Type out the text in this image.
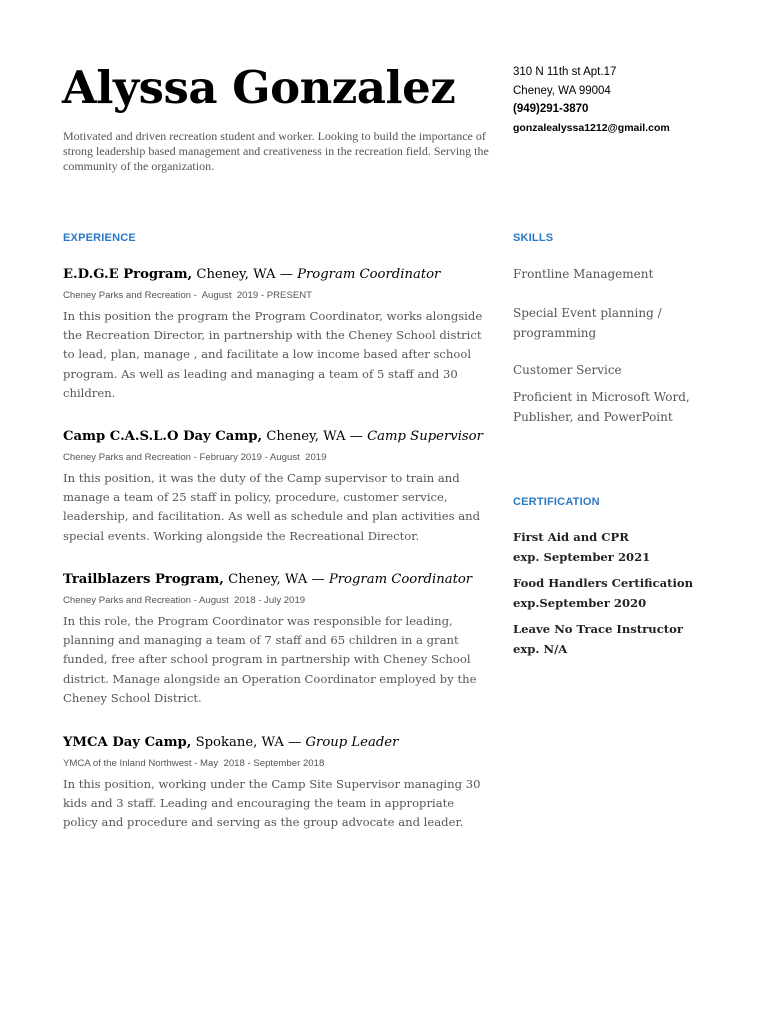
Alyssa Gonzalez

Motivated and driven recreation student and worker. Looking to build the importance of strong leadership based management and creativeness in the recreation field. Serving the community of the organization.

310 N 11th st Apt.17
Cheney, WA 99004
(949)291-3870
gonzalealyssa1212@gmail.com
EXPERIENCE
E.D.G.E Program, Cheney, WA — Program Coordinator
Cheney Parks and Recreation -  August  2019 - PRESENT
In this position the program the Program Coordinator, works alongside the Recreation Director, in partnership with the Cheney School district to lead, plan, manage , and facilitate a low income based after school program. As well as leading and managing a team of 5 staff and 30 children.
Camp C.A.S.L.O Day Camp, Cheney, WA — Camp Supervisor
Cheney Parks and Recreation - February 2019 - August  2019
In this position, it was the duty of the Camp supervisor to train and manage a team of 25 staff in policy, procedure, customer service, leadership, and facilitation. As well as schedule and plan activities and special events. Working alongside the Recreational Director.
Trailblazers Program, Cheney, WA — Program Coordinator
Cheney Parks and Recreation - August  2018 - July 2019
In this role, the Program Coordinator was responsible for leading, planning and managing a team of 7 staff and 65 children in a grant funded, free after school program in partnership with Cheney School district. Manage alongside an Operation Coordinator employed by the Cheney School District.
YMCA Day Camp, Spokane, WA — Group Leader
YMCA of the Inland Northwest - May  2018 - September 2018
In this position, working under the Camp Site Supervisor managing 30 kids and 3 staff. Leading and encouraging the team in appropriate policy and procedure and serving as the group advocate and leader.
SKILLS
Frontline Management
Special Event planning / programming
Customer Service
Proficient in Microsoft Word, Publisher, and PowerPoint
CERTIFICATION
First Aid and CPR
exp. September 2021
Food Handlers Certification
exp.September 2020
Leave No Trace Instructor
exp. N/A
